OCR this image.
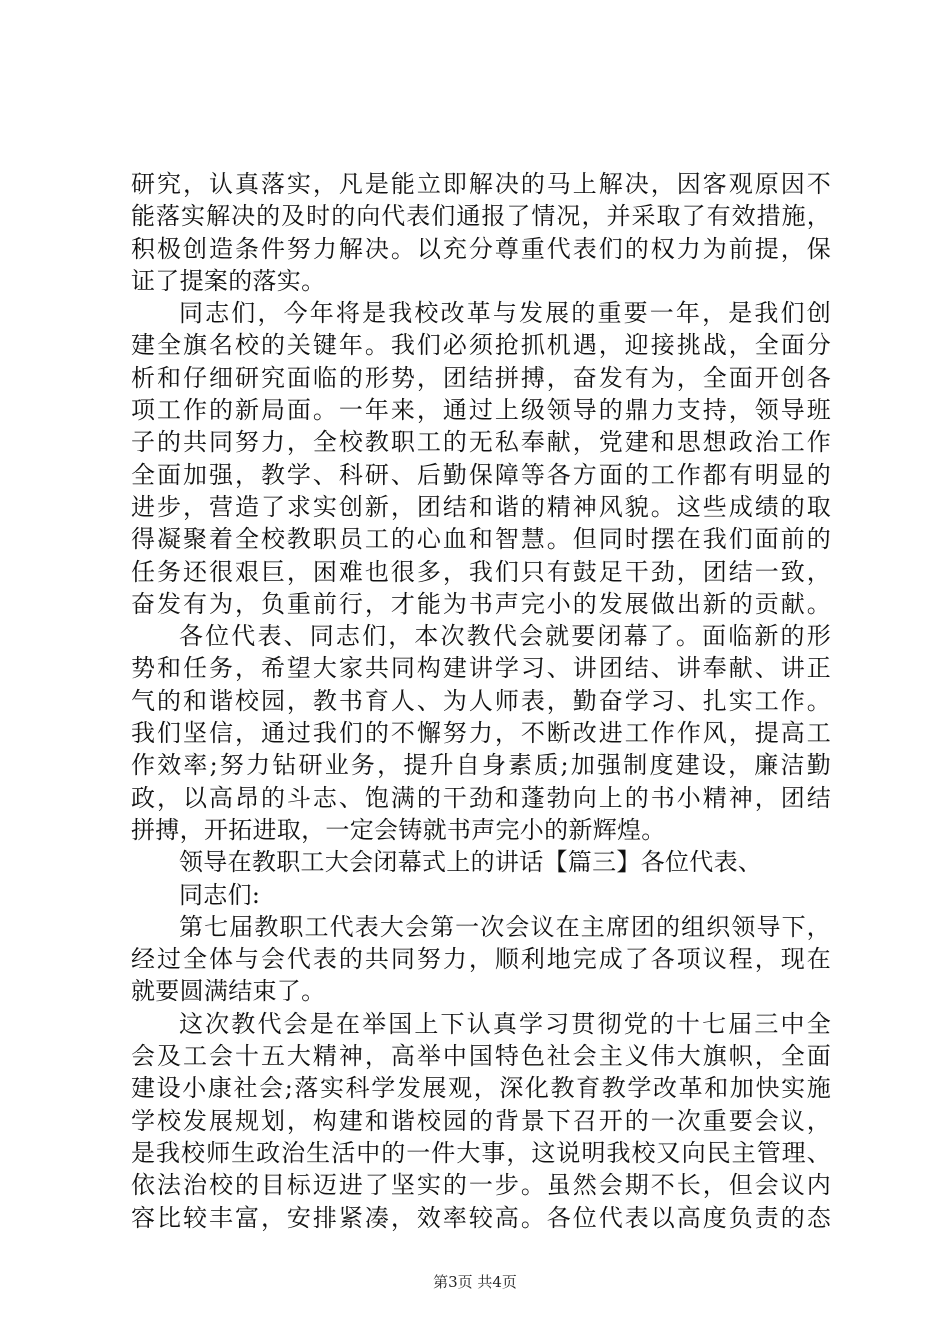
研究，认真落实，凡是能立即解决的马上解决，因客观原因不
能落实解决的及时的向代表们通报了情况，并采取了有效措施，
积极创造条件努力解决。以充分尊重代表们的权力为前提，保
证了提案的落实。
同志们，今年将是我校改革与发展的重要一年，是我们创
建全旗名校的关键年。我们必须抢抓机遇，迎接挑战，全面分
析和仔细研究面临的形势，团结拼搏，奋发有为，全面开创各
项工作的新局面。一年来，通过上级领导的鼎力支持，领导班
子的共同努力，全校教职工的无私奉献，党建和思想政治工作
全面加强，教学、科研、后勤保障等各方面的工作都有明显的
进步，营造了求实创新，团结和谐的精神风貌。这些成绩的取
得凝聚着全校教职员工的心血和智慧。但同时摆在我们面前的
任务还很艰巨，困难也很多，我们只有鼓足干劲，团结一致，
奋发有为，负重前行，才能为书声完小的发展做出新的贡献。
各位代表、同志们，本次教代会就要闭幕了。面临新的形
势和任务，希望大家共同构建讲学习、讲团结、讲奉献、讲正
气的和谐校园，教书育人、为人师表，勤奋学习、扎实工作。
我们坚信，通过我们的不懈努力，不断改进工作作风，提高工
作效率;努力钻研业务，提升自身素质;加强制度建设，廉洁勤
政，以高昂的斗志、饱满的干劲和蓬勃向上的书小精神，团结
拼搏，开拓进取，一定会铸就书声完小的新辉煌。
领导在教职工大会闭幕式上的讲话【篇三】各位代表、
同志们:
第七届教职工代表大会第一次会议在主席团的组织领导下，
经过全体与会代表的共同努力，顺利地完成了各项议程，现在
就要圆满结束了。
这次教代会是在举国上下认真学习贯彻党的十七届三中全
会及工会十五大精神，高举中国特色社会主义伟大旗帜，全面
建设小康社会;落实科学发展观，深化教育教学改革和加快实施
学校发展规划，构建和谐校园的背景下召开的一次重要会议，
是我校师生政治生活中的一件大事，这说明我校又向民主管理、
依法治校的目标迈进了坚实的一步。虽然会期不长，但会议内
容比较丰富，安排紧凑，效率较高。各位代表以高度负责的态
第3页 共4页
